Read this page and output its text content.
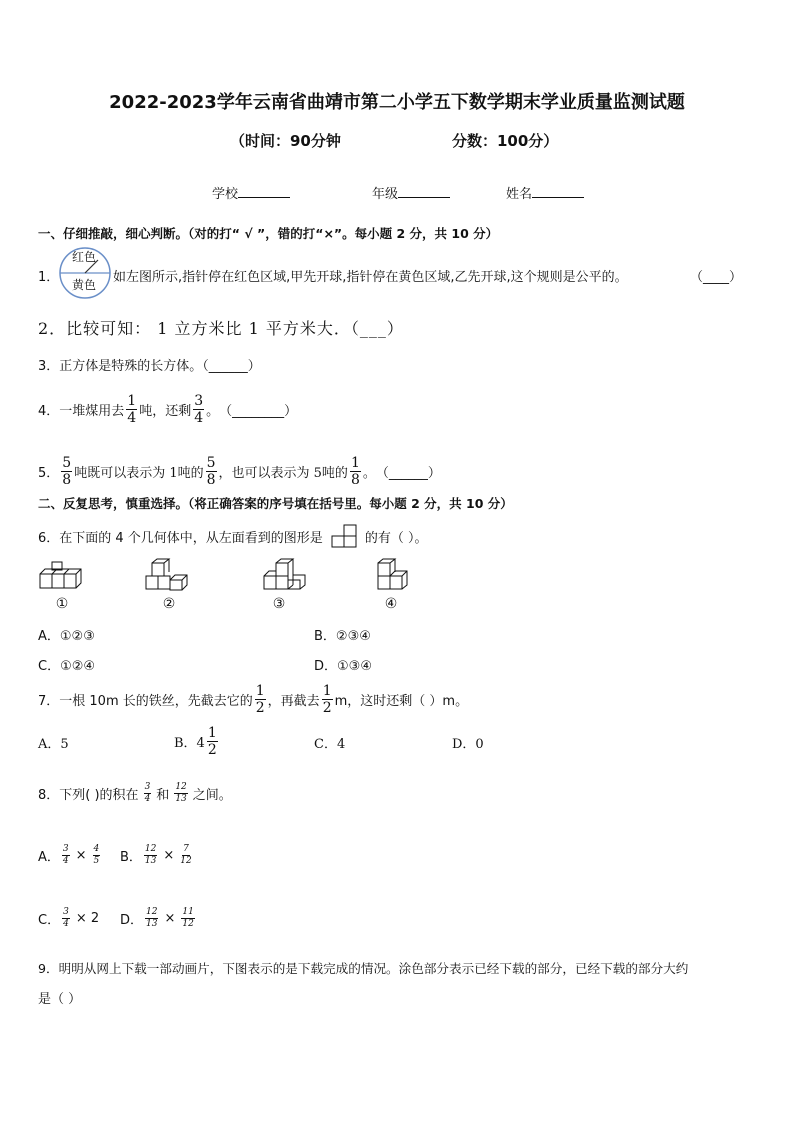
2022-2023学年云南省曲靖市第二小学五下数学期末学业质量监测试题
（时间：90分钟	分数：100分）
学校	年级	姓名
一、仔细推敲，细心判断。（对的打“ √ ”，错的打“×”。每小题 2 分，共 10 分）
1．
红色
黄色 如左图所示,指针停在红色区域,甲先开球,指针停在黄色区域,乙先开球,这个规则是公平的。	（____）
2．比较可知： 1 立方米比 1 平方米大．（___）
3．正方体是特殊的长方体。（______）
4．一堆煤用去 $\frac{1}{4}$ 吨，还剩 $\frac{3}{4}$ 。 （________）
5． $\frac{5}{8}$ 吨既可以表示为 1吨的 $\frac{5}{8}$ ，也可以表示为 5吨的 $\frac{1}{8}$ 。 （______）
二、反复思考，慎重选择。（将正确答案的序号填在括号里。每小题 2 分，共 10 分）
6．在下面的 4 个几何体中，从左面看到的图形是	的有（ ）。
①	②	③	④
A．①②③	B．②③④
C．①②④	D．①③④
7．一根 10m 长的铁丝，先截去它的 $\frac{1}{2}$ ，再截去 $\frac{1}{2}$ m，这时还剩（ ）m。
A．5	B．$4 \frac{1}{2}$	C．4	D．0
8．下列( )的积在 $\frac{3}{4}$ 和 $\frac{12}{13}$ 之间。
A． $\frac{3}{4} \times \frac{4}{5}$ B． $\frac{12}{13} \times \frac{7}{12}$
C． $\frac{3}{4} \times 2$ D． $\frac{12}{13} \times \frac{11}{12}$
9．明明从网上下载一部动画片，下图表示的是下载完成的情况。涂色部分表示已经下载的部分，已经下载的部分大约
是（ ）
